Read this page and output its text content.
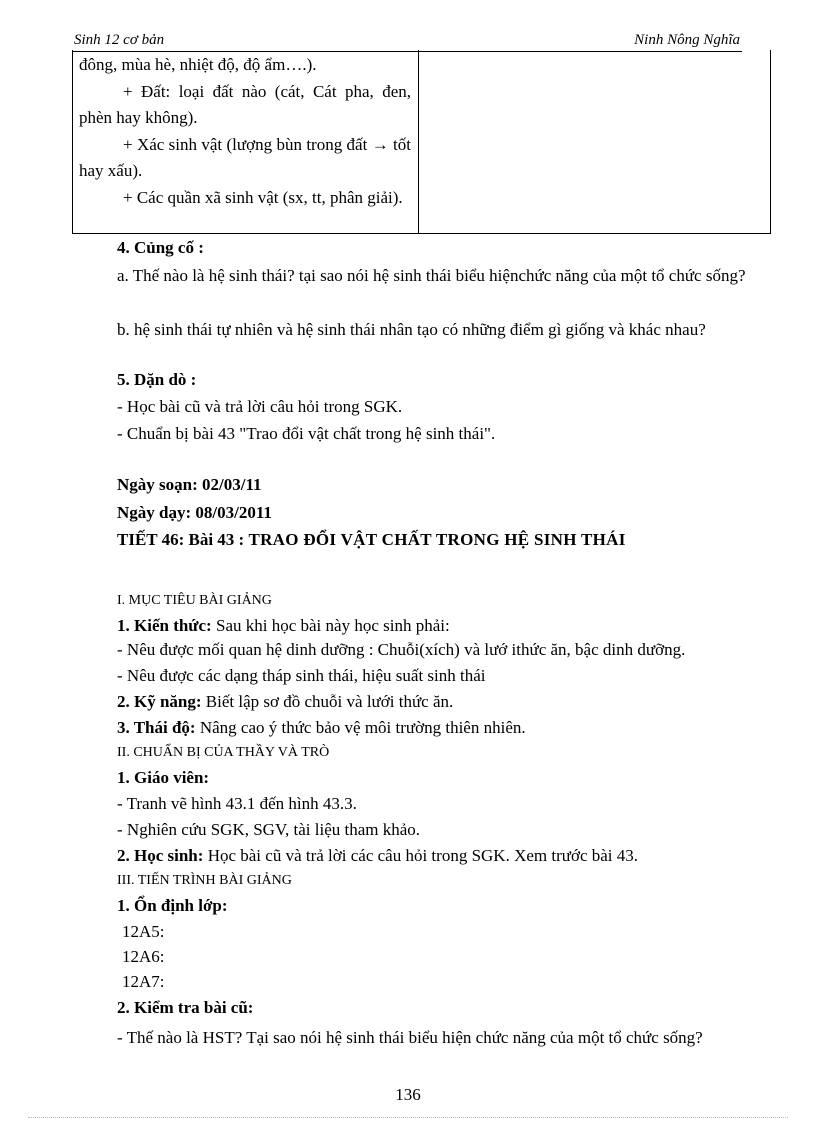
Sinh 12 cơ bản	Ninh Nông Nghĩa

đông, mùa hè, nhiệt độ, độ ẩm….).

+ Đất: loại đất nào (cát, Cát pha, đen, phèn hay không).

+ Xác sinh vật (lượng bùn trong đất → tốt hay xấu).

+ Các quần xã sinh vật (sx, tt, phân giải).

4. Củng cố :

a. Thế nào là hệ sinh thái? tại sao nói hệ sinh thái biểu hiệnchức năng của một tổ chức sống?

b. hệ sinh thái tự nhiên và hệ sinh thái nhân tạo có những điểm gì giống và khác nhau?

5. Dặn dò :
- Học bài cũ và trả lời câu hỏi trong SGK.
- Chuẩn bị bài 43 "Trao đổi vật chất trong hệ sinh thái".
Ngày soạn: 02/03/11
Ngày dạy: 08/03/2011
TIẾT 46: Bài 43 : TRAO ĐỔI VẬT CHẤT TRONG HỆ SINH THÁI
I. MỤC TIÊU BÀI GIẢNG
1. Kiến thức: Sau khi học bài này học sinh phải:
- Nêu được mối quan hệ dinh dưỡng : Chuỗi(xích) và lướ ithức ăn, bậc dinh dưỡng.
- Nêu được các dạng tháp sinh thái, hiệu suất sinh thái
2. Kỹ năng: Biết lập sơ đồ chuỗi và lưới thức ăn.
3. Thái độ: Nâng cao ý thức bảo vệ môi trường thiên nhiên.
II. CHUẨN BỊ CỦA THẦY VÀ TRÒ
1. Giáo viên:
- Tranh vẽ hình 43.1 đến hình 43.3.
- Nghiên cứu SGK, SGV, tài liệu tham khảo.
2. Học sinh: Học bài cũ và trả lời các câu hỏi trong SGK. Xem trước bài 43.
III. TIẾN TRÌNH BÀI GIẢNG
1. Ổn định lớp:
12A5:
12A6:
12A7:
2. Kiểm tra bài cũ:

- Thế nào là HST? Tại sao nói hệ sinh thái biểu hiện chức năng của một tổ chức sống?

136
